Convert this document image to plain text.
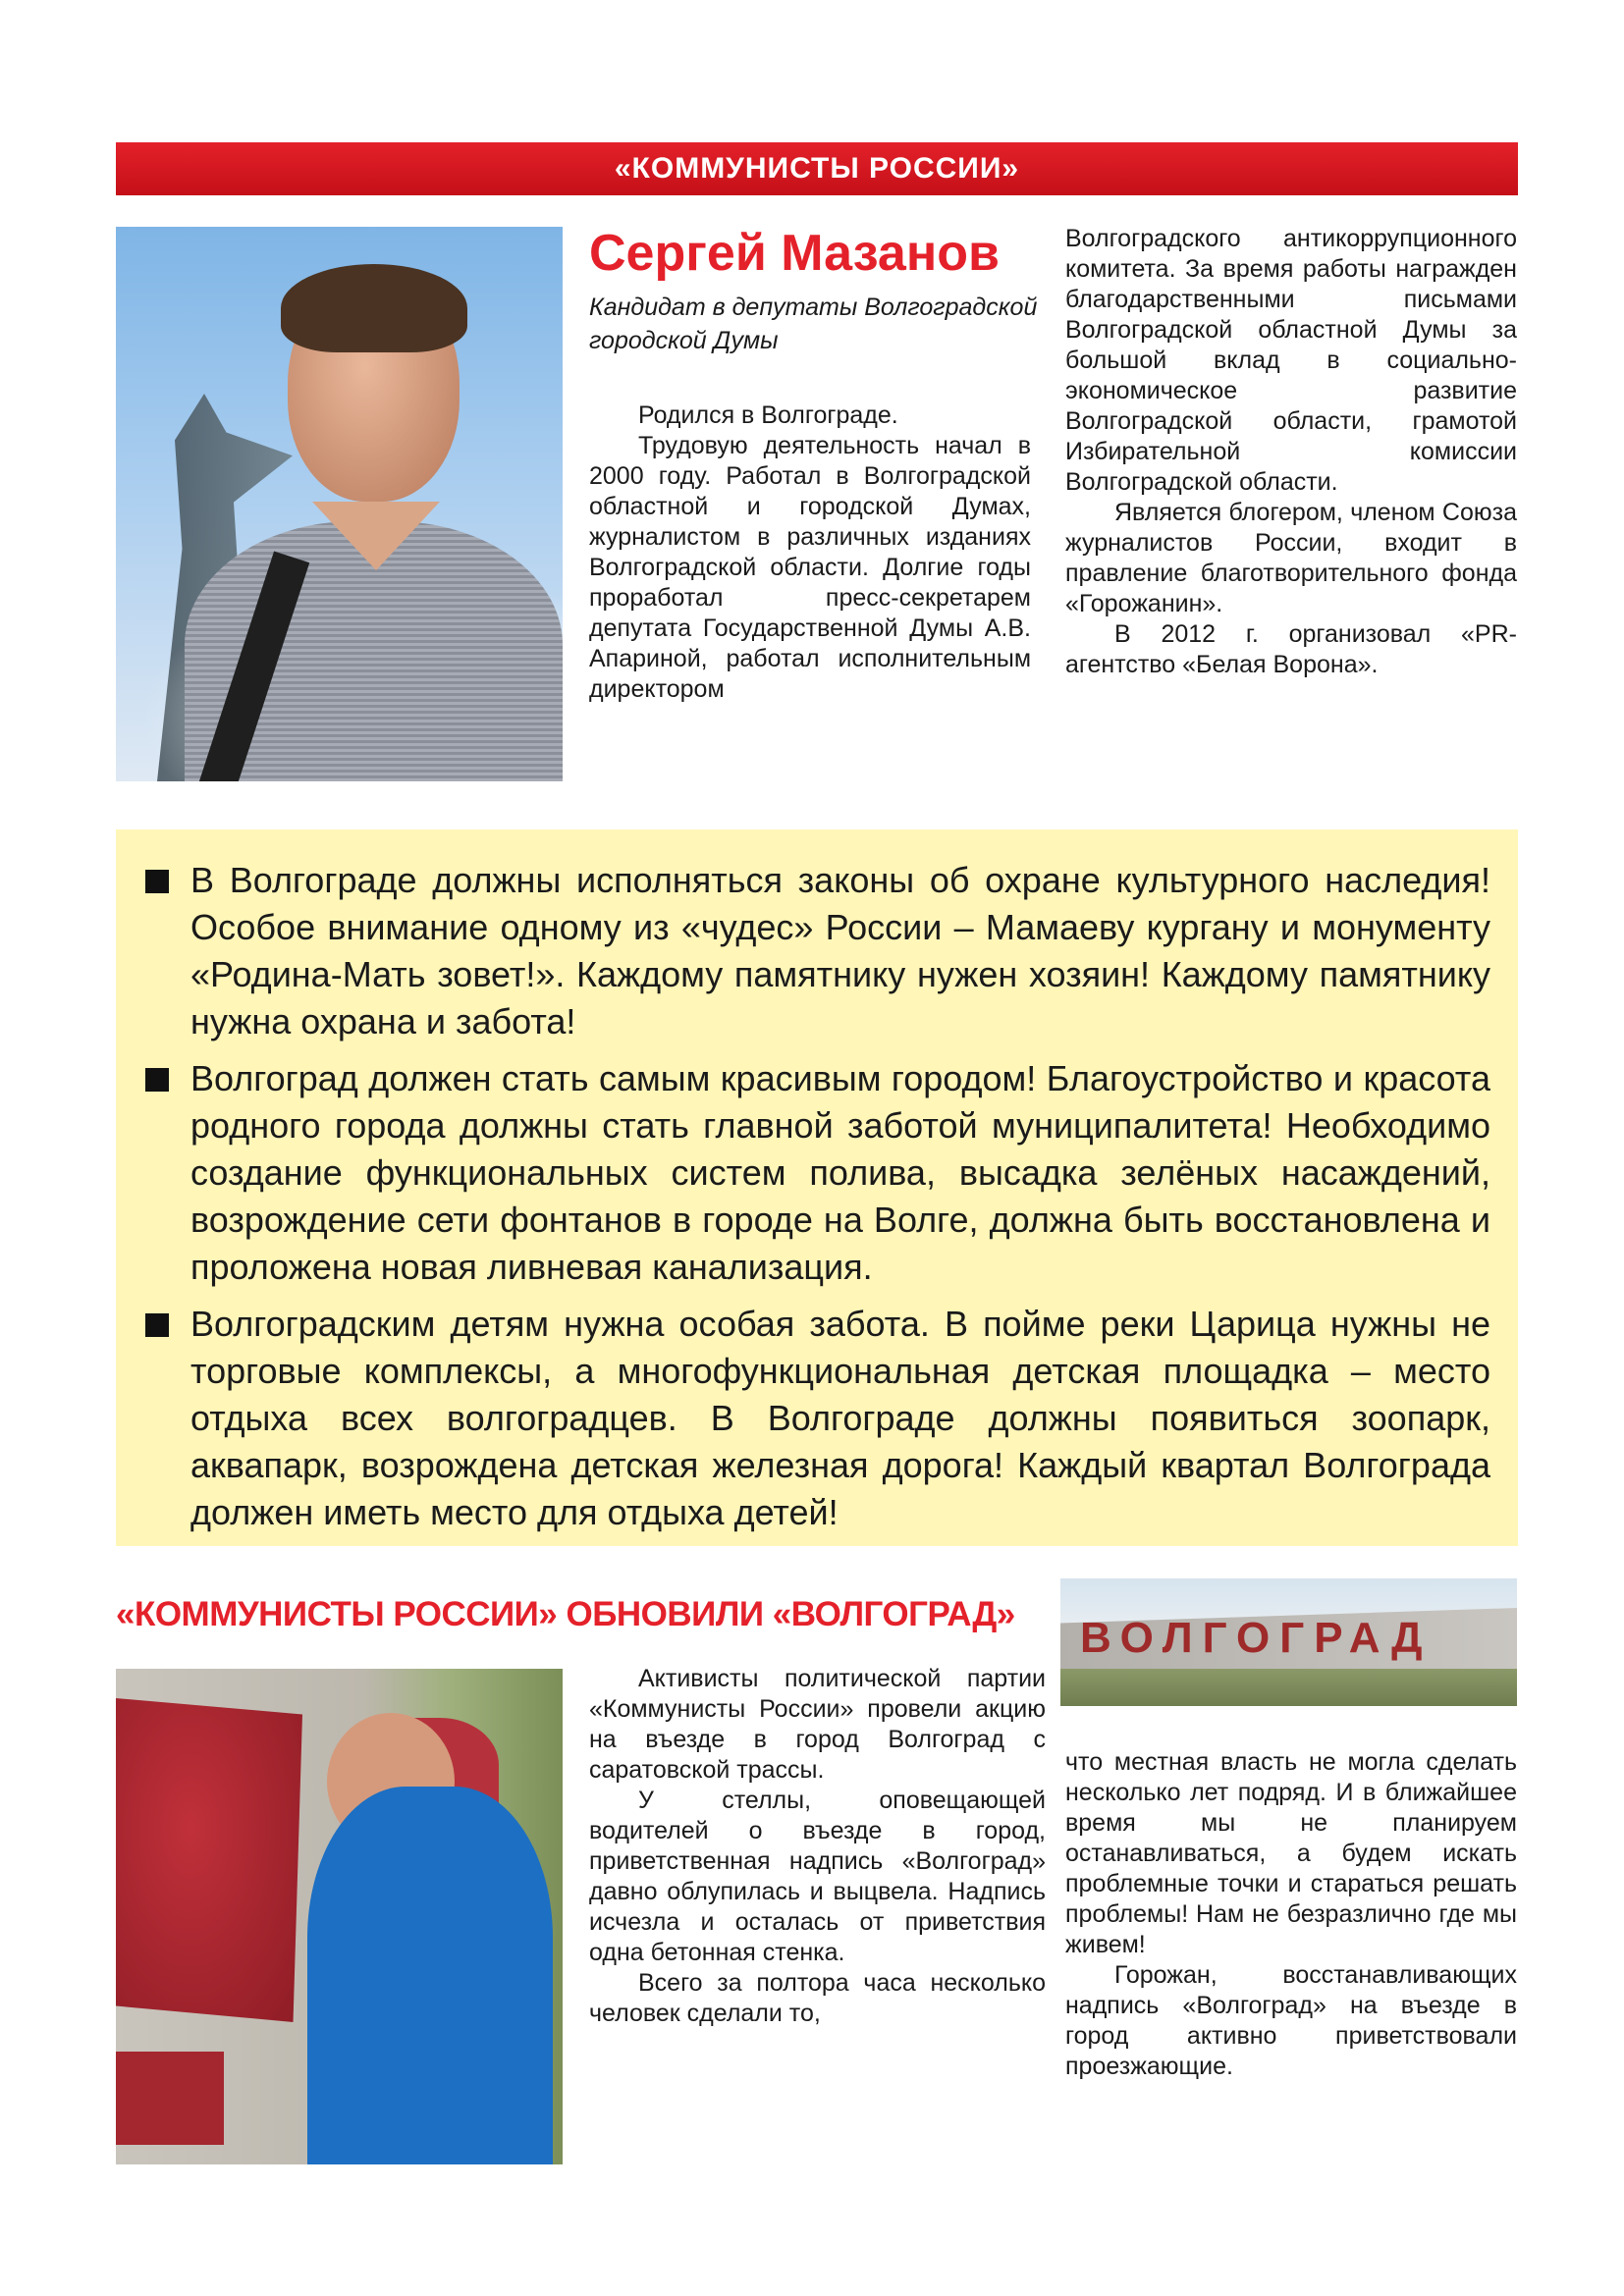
«КОММУНИСТЫ РОССИИ»
Сергей Мазанов
Кандидат в депутаты Волгоградской городской Думы

Родился в Волгограде.

Трудовую деятельность начал в 2000 году. Работал в Волгоградской областной и городской Думах, журналистом в различных изданиях Волгоградской области. Долгие годы проработал пресс-секретарем депутата Государственной Думы А.В. Апариной, работал исполнительным директором

Волгоградского антикоррупционного комитета. За время работы награжден благодарственными письмами Волгоградской областной Думы за большой вклад в социально-экономическое развитие Волгоградской области, грамотой Избирательной комиссии Волгоградской области.

Является блогером, членом Союза журналистов России, входит в правление благотворительного фонда «Горожанин».

В 2012 г. организовал «PR-агентство «Белая Ворона».

В Волгограде должны исполняться законы об охране культурного наследия! Особое внимание одному из «чудес» России – Мамаеву кургану и монументу «Родина-Мать зовет!». Каждому памятнику нужен хозяин! Каждому памятнику нужна охрана и забота!
Волгоград должен стать самым красивым городом! Благоустройство и красота родного города должны стать главной заботой муниципалитета! Необходимо создание функциональных систем полива, высадка зелёных насаждений, возрождение сети фонтанов в городе на Волге, должна быть восстановлена и проложена новая ливневая канализация.
Волгоградским детям нужна особая забота. В пойме реки Царица нужны не торговые комплексы, а многофункциональная детская площадка – место отдыха всех волгоградцев. В Волгограде должны появиться зоопарк, аквапарк, возрождена детская железная дорога! Каждый квартал Волгограда должен иметь место для отдыха детей!
«КОММУНИСТЫ РОССИИ» ОБНОВИЛИ «ВОЛГОГРАД» ВОЛГОГРАД

Активисты политической партии «Коммунисты России» провели акцию на въезде в город Волгоград с саратовской трассы.

У стеллы, оповещающей водителей о въезде в город, приветственная надпись «Волгоград» давно облупилась и выцвела. Надпись исчезла и осталась от приветствия одна бетонная стенка.

Всего за полтора часа несколько человек сделали то,

что местная власть не могла сделать несколько лет подряд. И в ближайшее время мы не планируем останавливаться, а будем искать проблемные точки и стараться решать проблемы! Нам не безразлично где мы живем!

Горожан, восстанавливающих надпись «Волгоград» на въезде в город активно приветствовали проезжающие.
